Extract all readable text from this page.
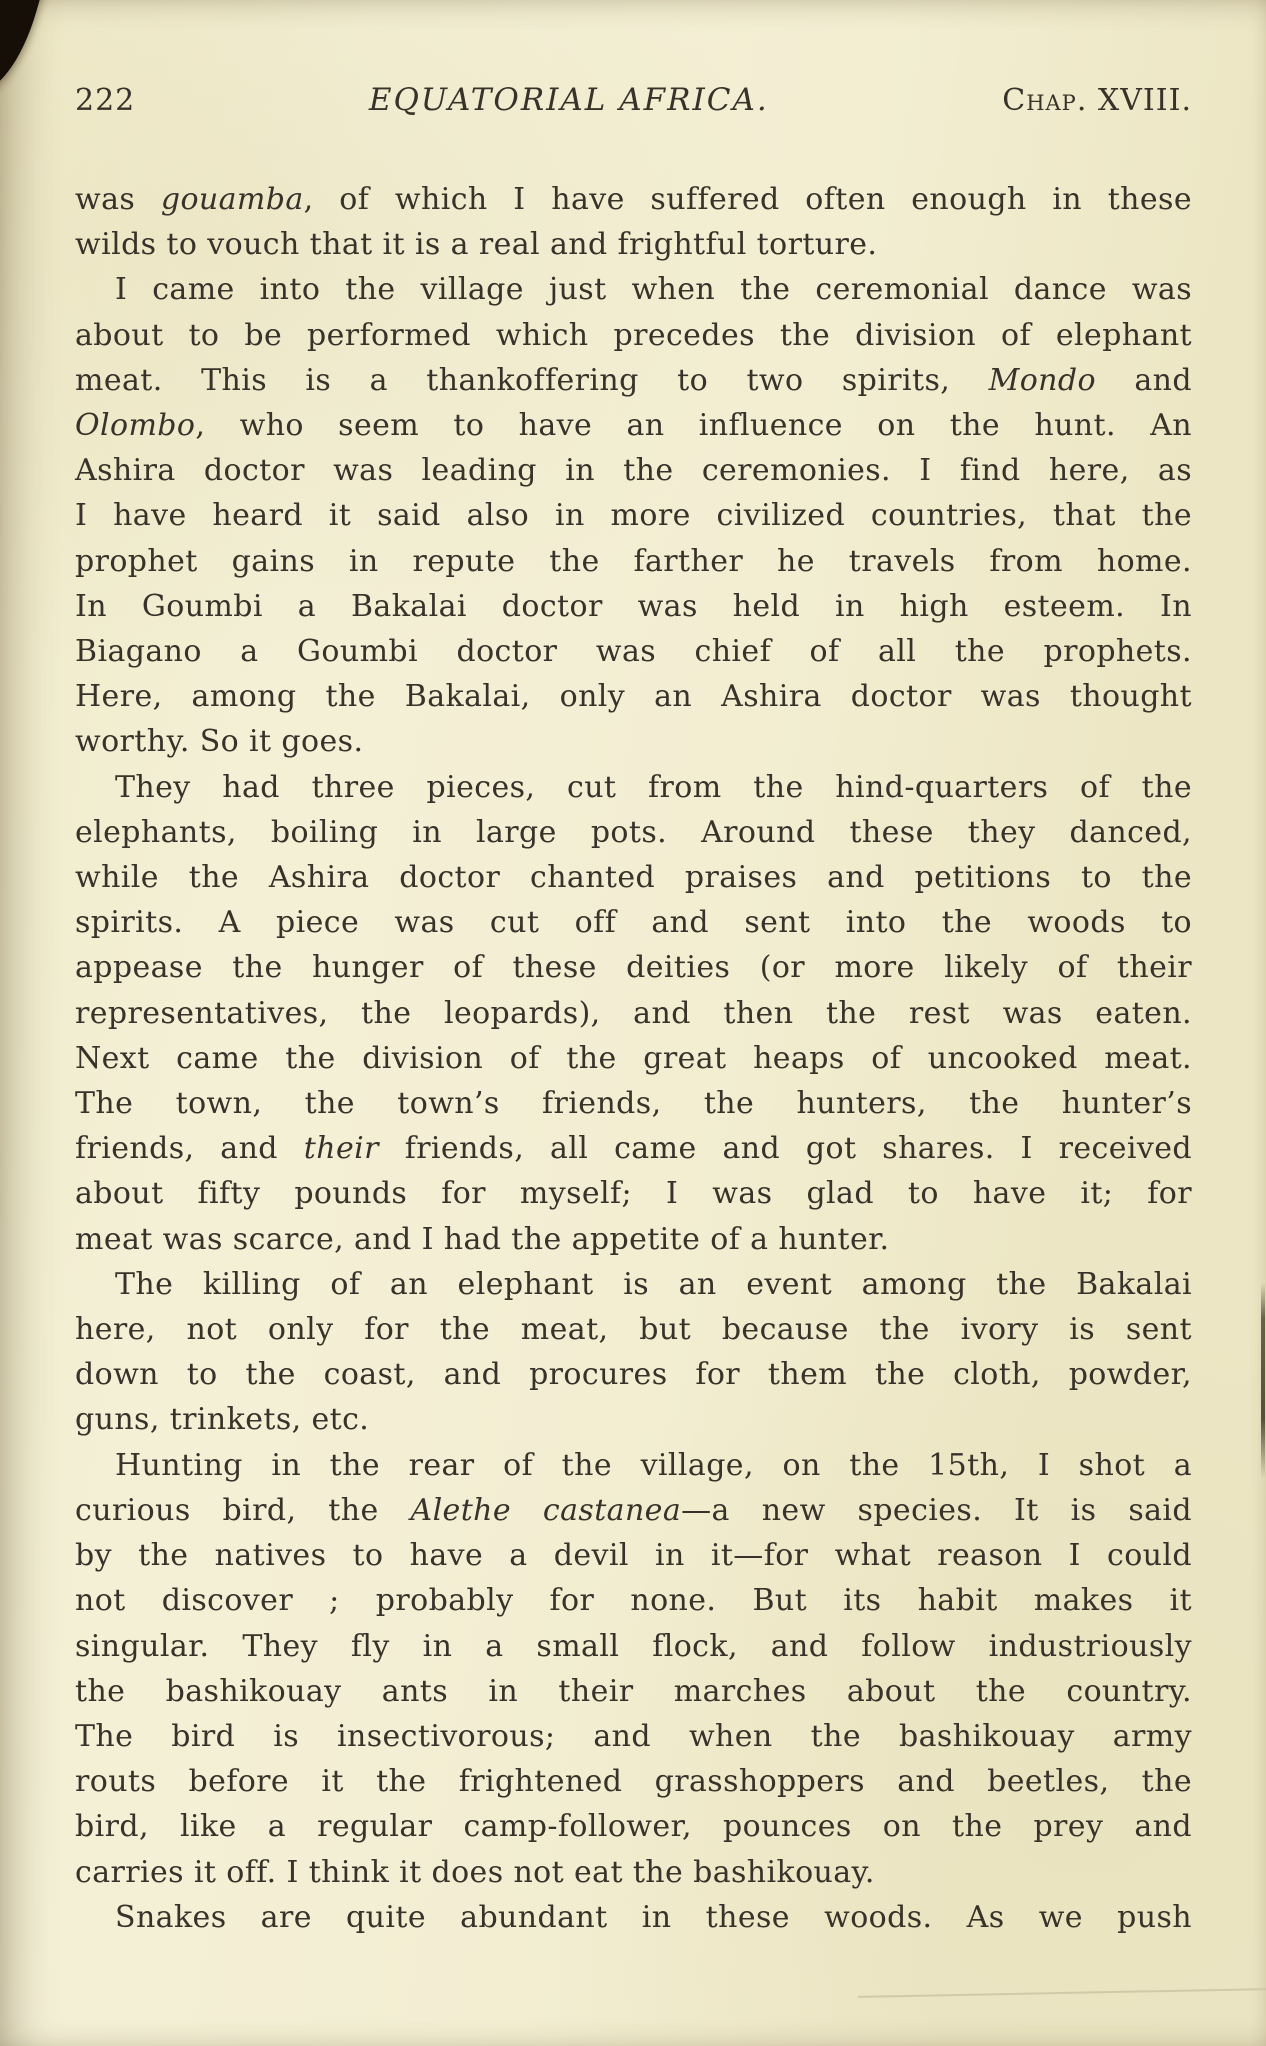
222	EQUATORIAL AFRICA.	Chap. XVIII.
was gouamba, of which I have suffered often enough in these
wilds to vouch that it is a real and frightful torture.
I came into the village just when the ceremonial dance was
about to be performed which precedes the division of elephant
meat. This is a thankoffering to two spirits, Mondo and
Olombo, who seem to have an influence on the hunt. An
Ashira doctor was leading in the ceremonies. I find here, as
I have heard it said also in more civilized countries, that the
prophet gains in repute the farther he travels from home.
In Goumbi a Bakalai doctor was held in high esteem. In
Biagano a Goumbi doctor was chief of all the prophets.
Here, among the Bakalai, only an Ashira doctor was thought
worthy. So it goes.
They had three pieces, cut from the hind-quarters of the
elephants, boiling in large pots. Around these they danced,
while the Ashira doctor chanted praises and petitions to the
spirits. A piece was cut off and sent into the woods to
appease the hunger of these deities (or more likely of their
representatives, the leopards), and then the rest was eaten.
Next came the division of the great heaps of uncooked meat.
The town, the town’s friends, the hunters, the hunter’s
friends, and their friends, all came and got shares. I received
about fifty pounds for myself; I was glad to have it; for
meat was scarce, and I had the appetite of a hunter.
The killing of an elephant is an event among the Bakalai
here, not only for the meat, but because the ivory is sent
down to the coast, and procures for them the cloth, powder,
guns, trinkets, etc.
Hunting in the rear of the village, on the 15th, I shot a
curious bird, the Alethe castanea—a new species. It is said
by the natives to have a devil in it—for what reason I could
not discover ; probably for none. But its habit makes it
singular. They fly in a small flock, and follow industriously
the bashikouay ants in their marches about the country.
The bird is insectivorous; and when the bashikouay army
routs before it the frightened grasshoppers and beetles, the
bird, like a regular camp-follower, pounces on the prey and
carries it off. I think it does not eat the bashikouay.
Snakes are quite abundant in these woods. As we push
